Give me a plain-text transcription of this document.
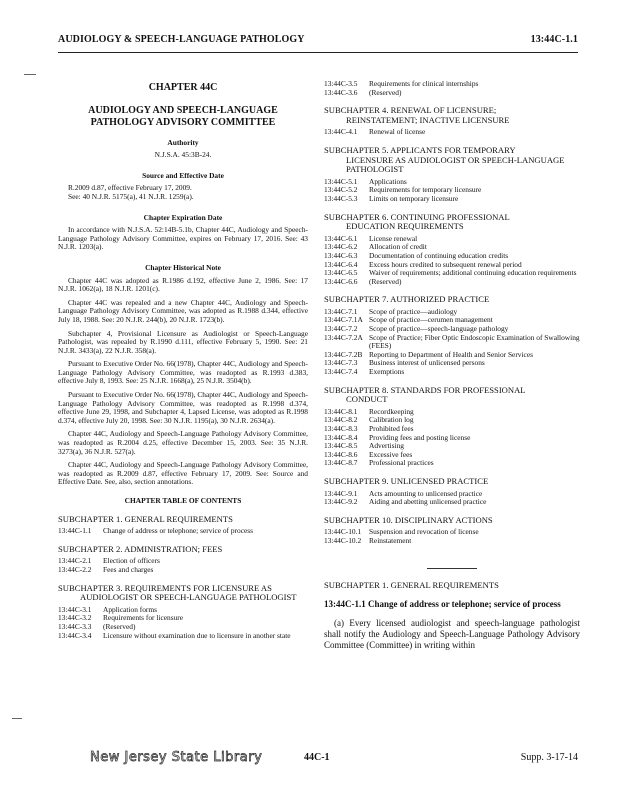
AUDIOLOGY & SPEECH-LANGUAGE PATHOLOGY	13:44C-1.1
CHAPTER 44C
AUDIOLOGY AND SPEECH-LANGUAGE
PATHOLOGY ADVISORY COMMITTEE
Authority
N.J.S.A. 45:3B-24.
Source and Effective Date
R.2009 d.87, effective February 17, 2009.
See: 40 N.J.R. 5175(a), 41 N.J.R. 1259(a).
Chapter Expiration Date

In accordance with N.J.S.A. 52:14B-5.1b, Chapter 44C, Audiology and Speech-Language Pathology Advisory Committee, expires on February 17, 2016. See: 43 N.J.R. 1203(a).

Chapter Historical Note

Chapter 44C was adopted as R.1986 d.192, effective June 2, 1986. See: 17 N.J.R. 1062(a), 18 N.J.R. 1201(c).

Chapter 44C was repealed and a new Chapter 44C, Audiology and Speech-Language Pathology Advisory Committee, was adopted as R.1988 d.344, effective July 18, 1988. See: 20 N.J.R. 244(b), 20 N.J.R. 1723(b).

Subchapter 4, Provisional Licensure as Audiologist or Speech-Language Pathologist, was repealed by R.1990 d.111, effective February 5, 1990. See: 21 N.J.R. 3433(a), 22 N.J.R. 358(a).

Pursuant to Executive Order No. 66(1978), Chapter 44C, Audiology and Speech-Language Pathology Advisory Committee, was readopted as R.1993 d.383, effective July 8, 1993. See: 25 N.J.R. 1668(a), 25 N.J.R. 3504(b).

Pursuant to Executive Order No. 66(1978), Chapter 44C, Audiology and Speech-Language Pathology Advisory Committee, was readopted as R.1998 d.374, effective June 29, 1998, and Subchapter 4, Lapsed License, was adopted as R.1998 d.374, effective July 20, 1998. See: 30 N.J.R. 1195(a), 30 N.J.R. 2634(a).

Chapter 44C, Audiology and Speech-Language Pathology Advisory Committee, was readopted as R.2004 d.25, effective December 15, 2003. See: 35 N.J.R. 3273(a), 36 N.J.R. 527(a).

Chapter 44C, Audiology and Speech-Language Pathology Advisory Committee, was readopted as R.2009 d.87, effective February 17, 2009. See: Source and Effective Date. See, also, section annotations.

CHAPTER TABLE OF CONTENTS
SUBCHAPTER 1. GENERAL REQUIREMENTS
13:44C-1.1	Change of address or telephone; service of process
SUBCHAPTER 2. ADMINISTRATION; FEES
13:44C-2.1	Election of officers
13:44C-2.2	Fees and charges
SUBCHAPTER 3. REQUIREMENTS FOR LICENSURE AS
AUDIOLOGIST OR SPEECH-LANGUAGE PATHOLOGIST
13:44C-3.1	Application forms
13:44C-3.2	Requirements for licensure
13:44C-3.3	(Reserved)
13:44C-3.4	Licensure without examination due to licensure in another state
13:44C-3.5	Requirements for clinical internships
13:44C-3.6	(Reserved)
SUBCHAPTER 4. RENEWAL OF LICENSURE;
REINSTATEMENT; INACTIVE LICENSURE
13:44C-4.1	Renewal of license
SUBCHAPTER 5. APPLICANTS FOR TEMPORARY
LICENSURE AS AUDIOLOGIST OR SPEECH-LANGUAGE PATHOLOGIST
13:44C-5.1	Applications
13:44C-5.2	Requirements for temporary licensure
13:44C-5.3	Limits on temporary licensure
SUBCHAPTER 6. CONTINUING PROFESSIONAL
EDUCATION REQUIREMENTS
13:44C-6.1	License renewal
13:44C-6.2	Allocation of credit
13:44C-6.3	Documentation of continuing education credits
13:44C-6.4	Excess hours credited to subsequent renewal period
13:44C-6.5	Waiver of requirements; additional continuing education requirements
13:44C-6.6	(Reserved)
SUBCHAPTER 7. AUTHORIZED PRACTICE
13:44C-7.1	Scope of practice—audiology
13:44C-7.1A Scope of practice—cerumen management
13:44C-7.2	Scope of practice—speech-language pathology
13:44C-7.2A Scope of Practice; Fiber Optic Endoscopic Examination of Swallowing (FEES)
13:44C-7.2B Reporting to Department of Health and Senior Services
13:44C-7.3	Business interest of unlicensed persons
13:44C-7.4	Exemptions
SUBCHAPTER 8. STANDARDS FOR PROFESSIONAL
CONDUCT
13:44C-8.1	Recordkeeping
13:44C-8.2	Calibration log
13:44C-8.3	Prohibited fees
13:44C-8.4	Providing fees and posting license
13:44C-8.5	Advertising
13:44C-8.6	Excessive fees
13:44C-8.7	Professional practices
SUBCHAPTER 9. UNLICENSED PRACTICE
13:44C-9.1	Acts amounting to unlicensed practice
13:44C-9.2	Aiding and abetting unlicensed practice
SUBCHAPTER 10. DISCIPLINARY ACTIONS
13:44C-10.1	Suspension and revocation of license
13:44C-10.2	Reinstatement
SUBCHAPTER 1. GENERAL REQUIREMENTS
13:44C-1.1 Change of address or telephone; service of process

(a) Every licensed audiologist and speech-language pathologist shall notify the Audiology and Speech-Language Pathology Advisory Committee (Committee) in writing within

New Jersey State Library	44C-1	Supp. 3-17-14
